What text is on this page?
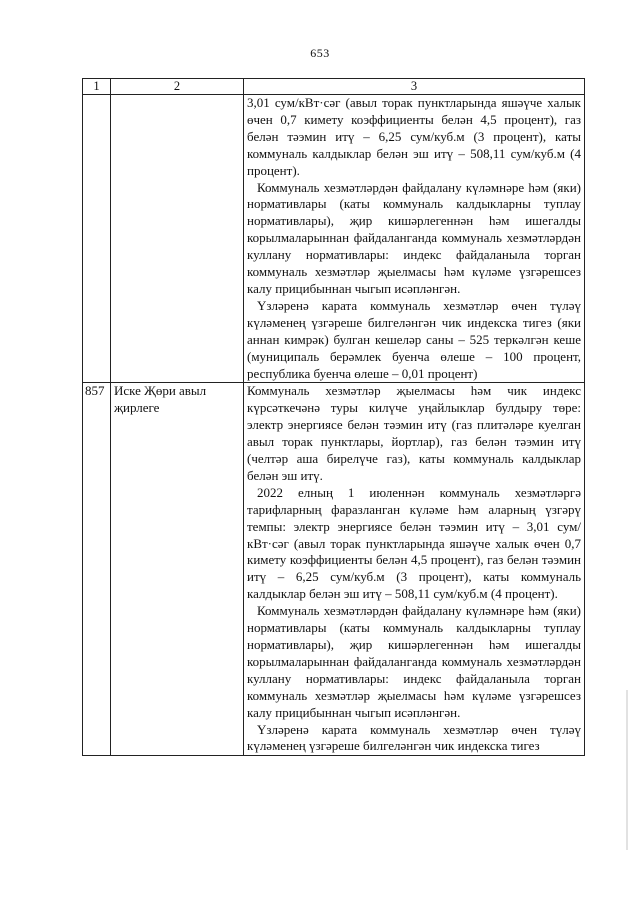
653
1	2	3

		3,01 сум/кВт·сәг (авыл торак пунктларында яшәүче халык өчен 0,7 кимету коэффициенты белән 4,5 процент), газ белән тәэмин итү – 6,25 сум/куб.м (3 процент), каты коммуналь калдыклар белән эш итү – 508,11 сум/куб.м (4 процент).

Коммуналь хезмәтләрдән файдалану күләмнәре һәм (яки) нормативлары (каты коммуналь калдыкларны туплау нормативлары), җир кишәрлегеннән һәм ишегалды корылмаларыннан файдаланганда коммуналь хезмәтләрдән куллану нормативлары: индекс файдаланыла торган коммуналь хезмәтләр җыелмасы һәм күләме үзгәрешсез калу прицибыннан чыгып исәпләнгән.

Үзләренә карата коммуналь хезмәтләр өчен түләү күләменең үзгәреше билгеләнгән чик индекска тигез (яки аннан кимрәк) булган кешеләр саны – 525 теркәлгән кеше (муниципаль берәмлек буенча өлеше – 100 процент, республика буенча өлеше – 0,01 процент)

857	Иске Җөри авыл җирлеге	Коммуналь хезмәтләр җыелмасы һәм чик индекс күрсәткечәнә туры килүче уңайлыклар булдыру төре: электр энергиясе белән тәэмин итү (газ плитәләре куелган авыл торак пунктлары, йортлар), газ белән тәэмин итү (челтәр аша бирелүче газ), каты коммуналь калдыклар белән эш итү.

2022 елның 1 июленнән коммуналь хезмәтләргә тарифларның фаразланган күләме һәм аларның үзгәрү темпы: электр энергиясе белән тәэмин итү – 3,01 сум/кВт·сәг (авыл торак пунктларында яшәүче халык өчен 0,7 кимету коэффициенты белән 4,5 процент), газ белән тәэмин итү – 6,25 сум/куб.м (3 процент), каты коммуналь калдыклар белән эш итү – 508,11 сум/куб.м (4 процент).

Коммуналь хезмәтләрдән файдалану күләмнәре һәм (яки) нормативлары (каты коммуналь калдыкларны туплау нормативлары), җир кишәрлегеннән һәм ишегалды корылмаларыннан файдаланганда коммуналь хезмәтләрдән куллану нормативлары: индекс файдаланыла торган коммуналь хезмәтләр җыелмасы һәм күләме үзгәрешсез калу прицибыннан чыгып исәпләнгән.

Үзләренә карата коммуналь хезмәтләр өчен түләү күләменең үзгәреше билгеләнгән чик индекска тигез
